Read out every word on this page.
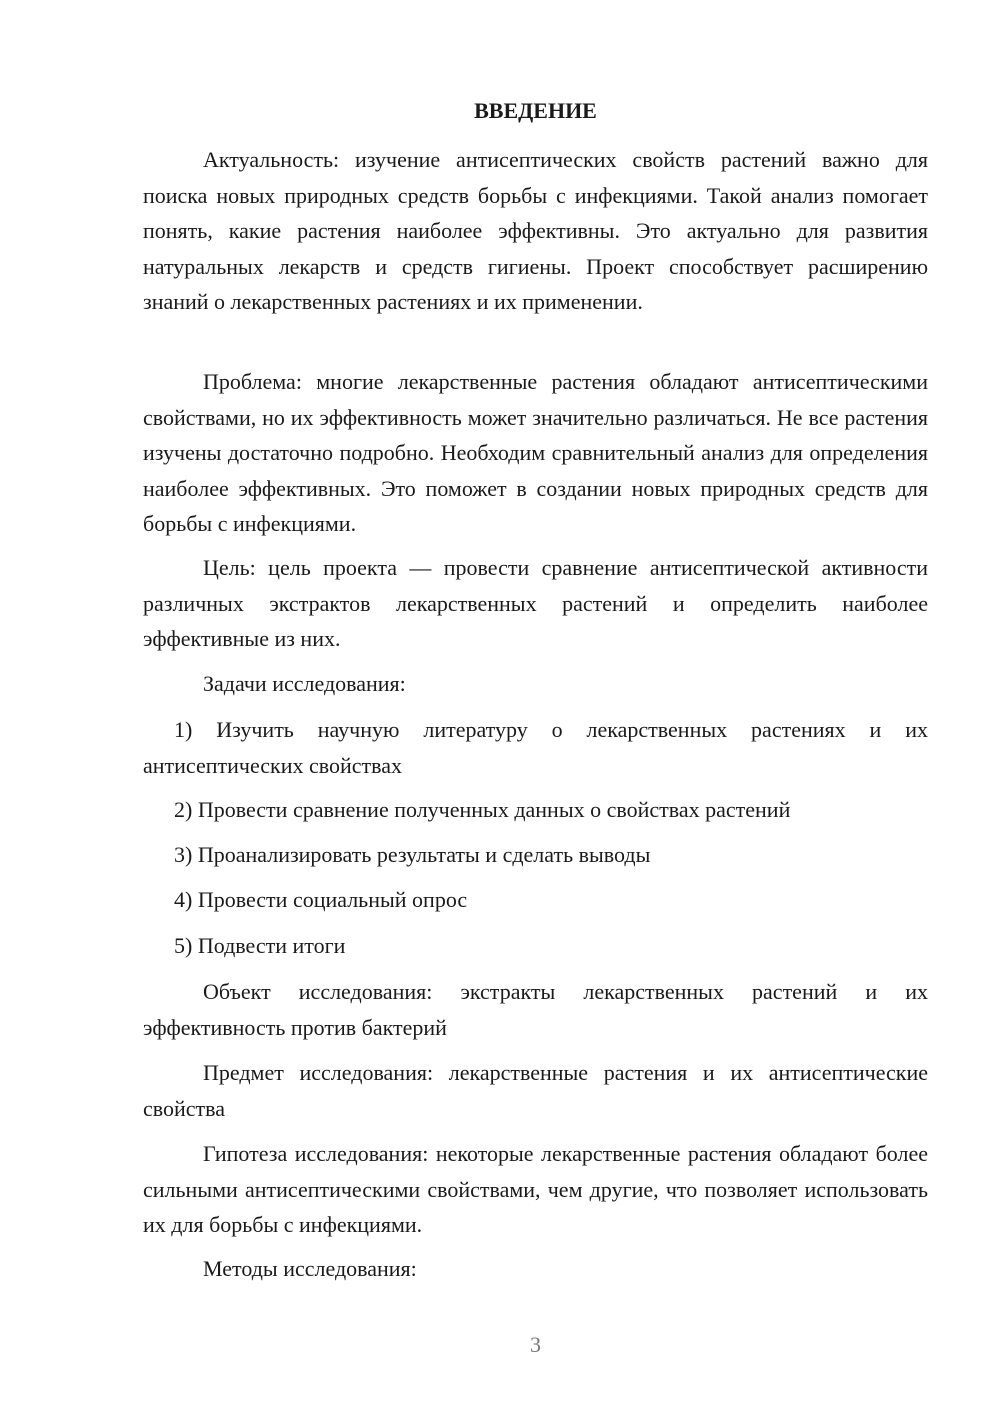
ВВЕДЕНИЕ

Актуальность: изучение антисептических свойств растений важно для поиска новых природных средств борьбы с инфекциями. Такой анализ помогает понять, какие растения наиболее эффективны. Это актуально для развития натуральных лекарств и средств гигиены. Проект способствует расширению знаний о лекарственных растениях и их применении.

Проблема: многие лекарственные растения обладают антисептическими свойствами, но их эффективность может значительно различаться. Не все растения изучены достаточно подробно. Необходим сравнительный анализ для определения наиболее эффективных. Это поможет в создании новых природных средств для борьбы с инфекциями.

Цель: цель проекта — провести сравнение антисептической активности различных экстрактов лекарственных растений и определить наиболее эффективные из них.

Задачи исследования:

1) Изучить научную литературу о лекарственных растениях и их антисептических свойствах

2) Провести сравнение полученных данных о свойствах растений

3) Проанализировать результаты и сделать выводы

4) Провести социальный опрос

5) Подвести итоги

Объект исследования: экстракты лекарственных растений и их эффективность против бактерий

Предмет исследования: лекарственные растения и их антисептические свойства

Гипотеза исследования: некоторые лекарственные растения обладают более сильными антисептическими свойствами, чем другие, что позволяет использовать их для борьбы с инфекциями.

Методы исследования:

3
